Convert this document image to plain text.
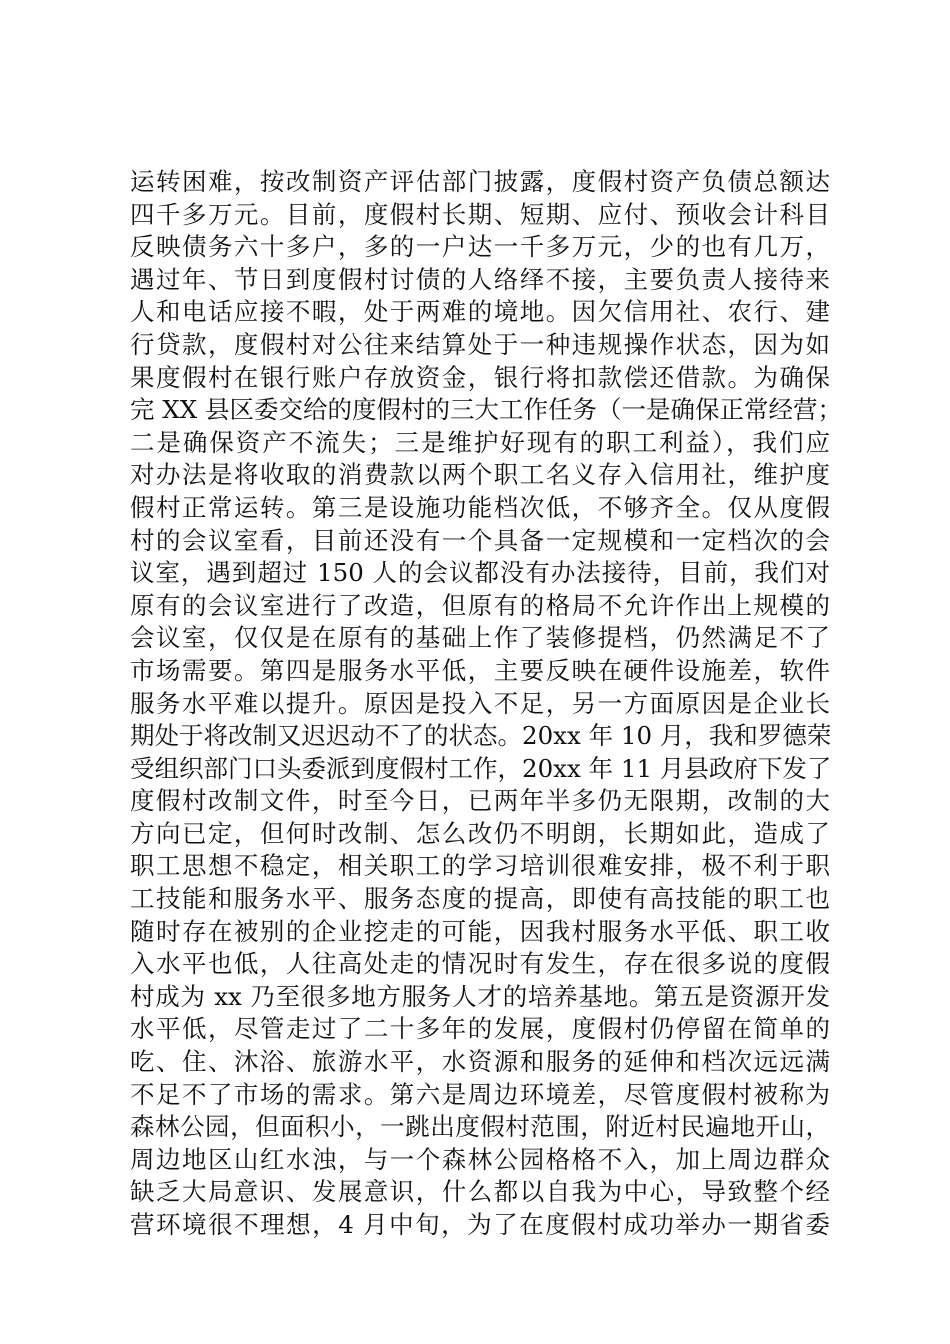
运转困难，按改制资产评估部门披露，度假村资产负债总额达
四千多万元。目前，度假村长期、短期、应付、预收会计科目
反映债务六十多户，多的一户达一千多万元，少的也有几万，
遇过年、节日到度假村讨债的人络绎不接，主要负责人接待来
人和电话应接不暇，处于两难的境地。因欠信用社、农行、建
行贷款，度假村对公往来结算处于一种违规操作状态，因为如
果度假村在银行账户存放资金，银行将扣款偿还借款。为确保
完 XX 县区委交给的度假村的三大工作任务（一是确保正常经营；
二是确保资产不流失；三是维护好现有的职工利益），我们应
对办法是将收取的消费款以两个职工名义存入信用社，维护度
假村正常运转。第三是设施功能档次低，不够齐全。仅从度假
村的会议室看，目前还没有一个具备一定规模和一定档次的会
议室，遇到超过 150 人的会议都没有办法接待，目前，我们对
原有的会议室进行了改造，但原有的格局不允许作出上规模的
会议室，仅仅是在原有的基础上作了装修提档，仍然满足不了
市场需要。第四是服务水平低，主要反映在硬件设施差，软件
服务水平难以提升。原因是投入不足，另一方面原因是企业长
期处于将改制又迟迟动不了的状态。20xx 年 10 月，我和罗德荣
受组织部门口头委派到度假村工作，20xx 年 11 月县政府下发了
度假村改制文件，时至今日，已两年半多仍无限期，改制的大
方向已定，但何时改制、怎么改仍不明朗，长期如此，造成了
职工思想不稳定，相关职工的学习培训很难安排，极不利于职
工技能和服务水平、服务态度的提高，即使有高技能的职工也
随时存在被别的企业挖走的可能，因我村服务水平低、职工收
入水平也低，人往高处走的情况时有发生，存在很多说的度假
村成为 xx 乃至很多地方服务人才的培养基地。第五是资源开发
水平低，尽管走过了二十多年的发展，度假村仍停留在简单的
吃、住、沐浴、旅游水平，水资源和服务的延伸和档次远远满
不足不了市场的需求。第六是周边环境差，尽管度假村被称为
森林公园，但面积小，一跳出度假村范围，附近村民遍地开山，
周边地区山红水浊，与一个森林公园格格不入，加上周边群众
缺乏大局意识、发展意识，什么都以自我为中心，导致整个经
营环境很不理想，4 月中旬，为了在度假村成功举办一期省委
